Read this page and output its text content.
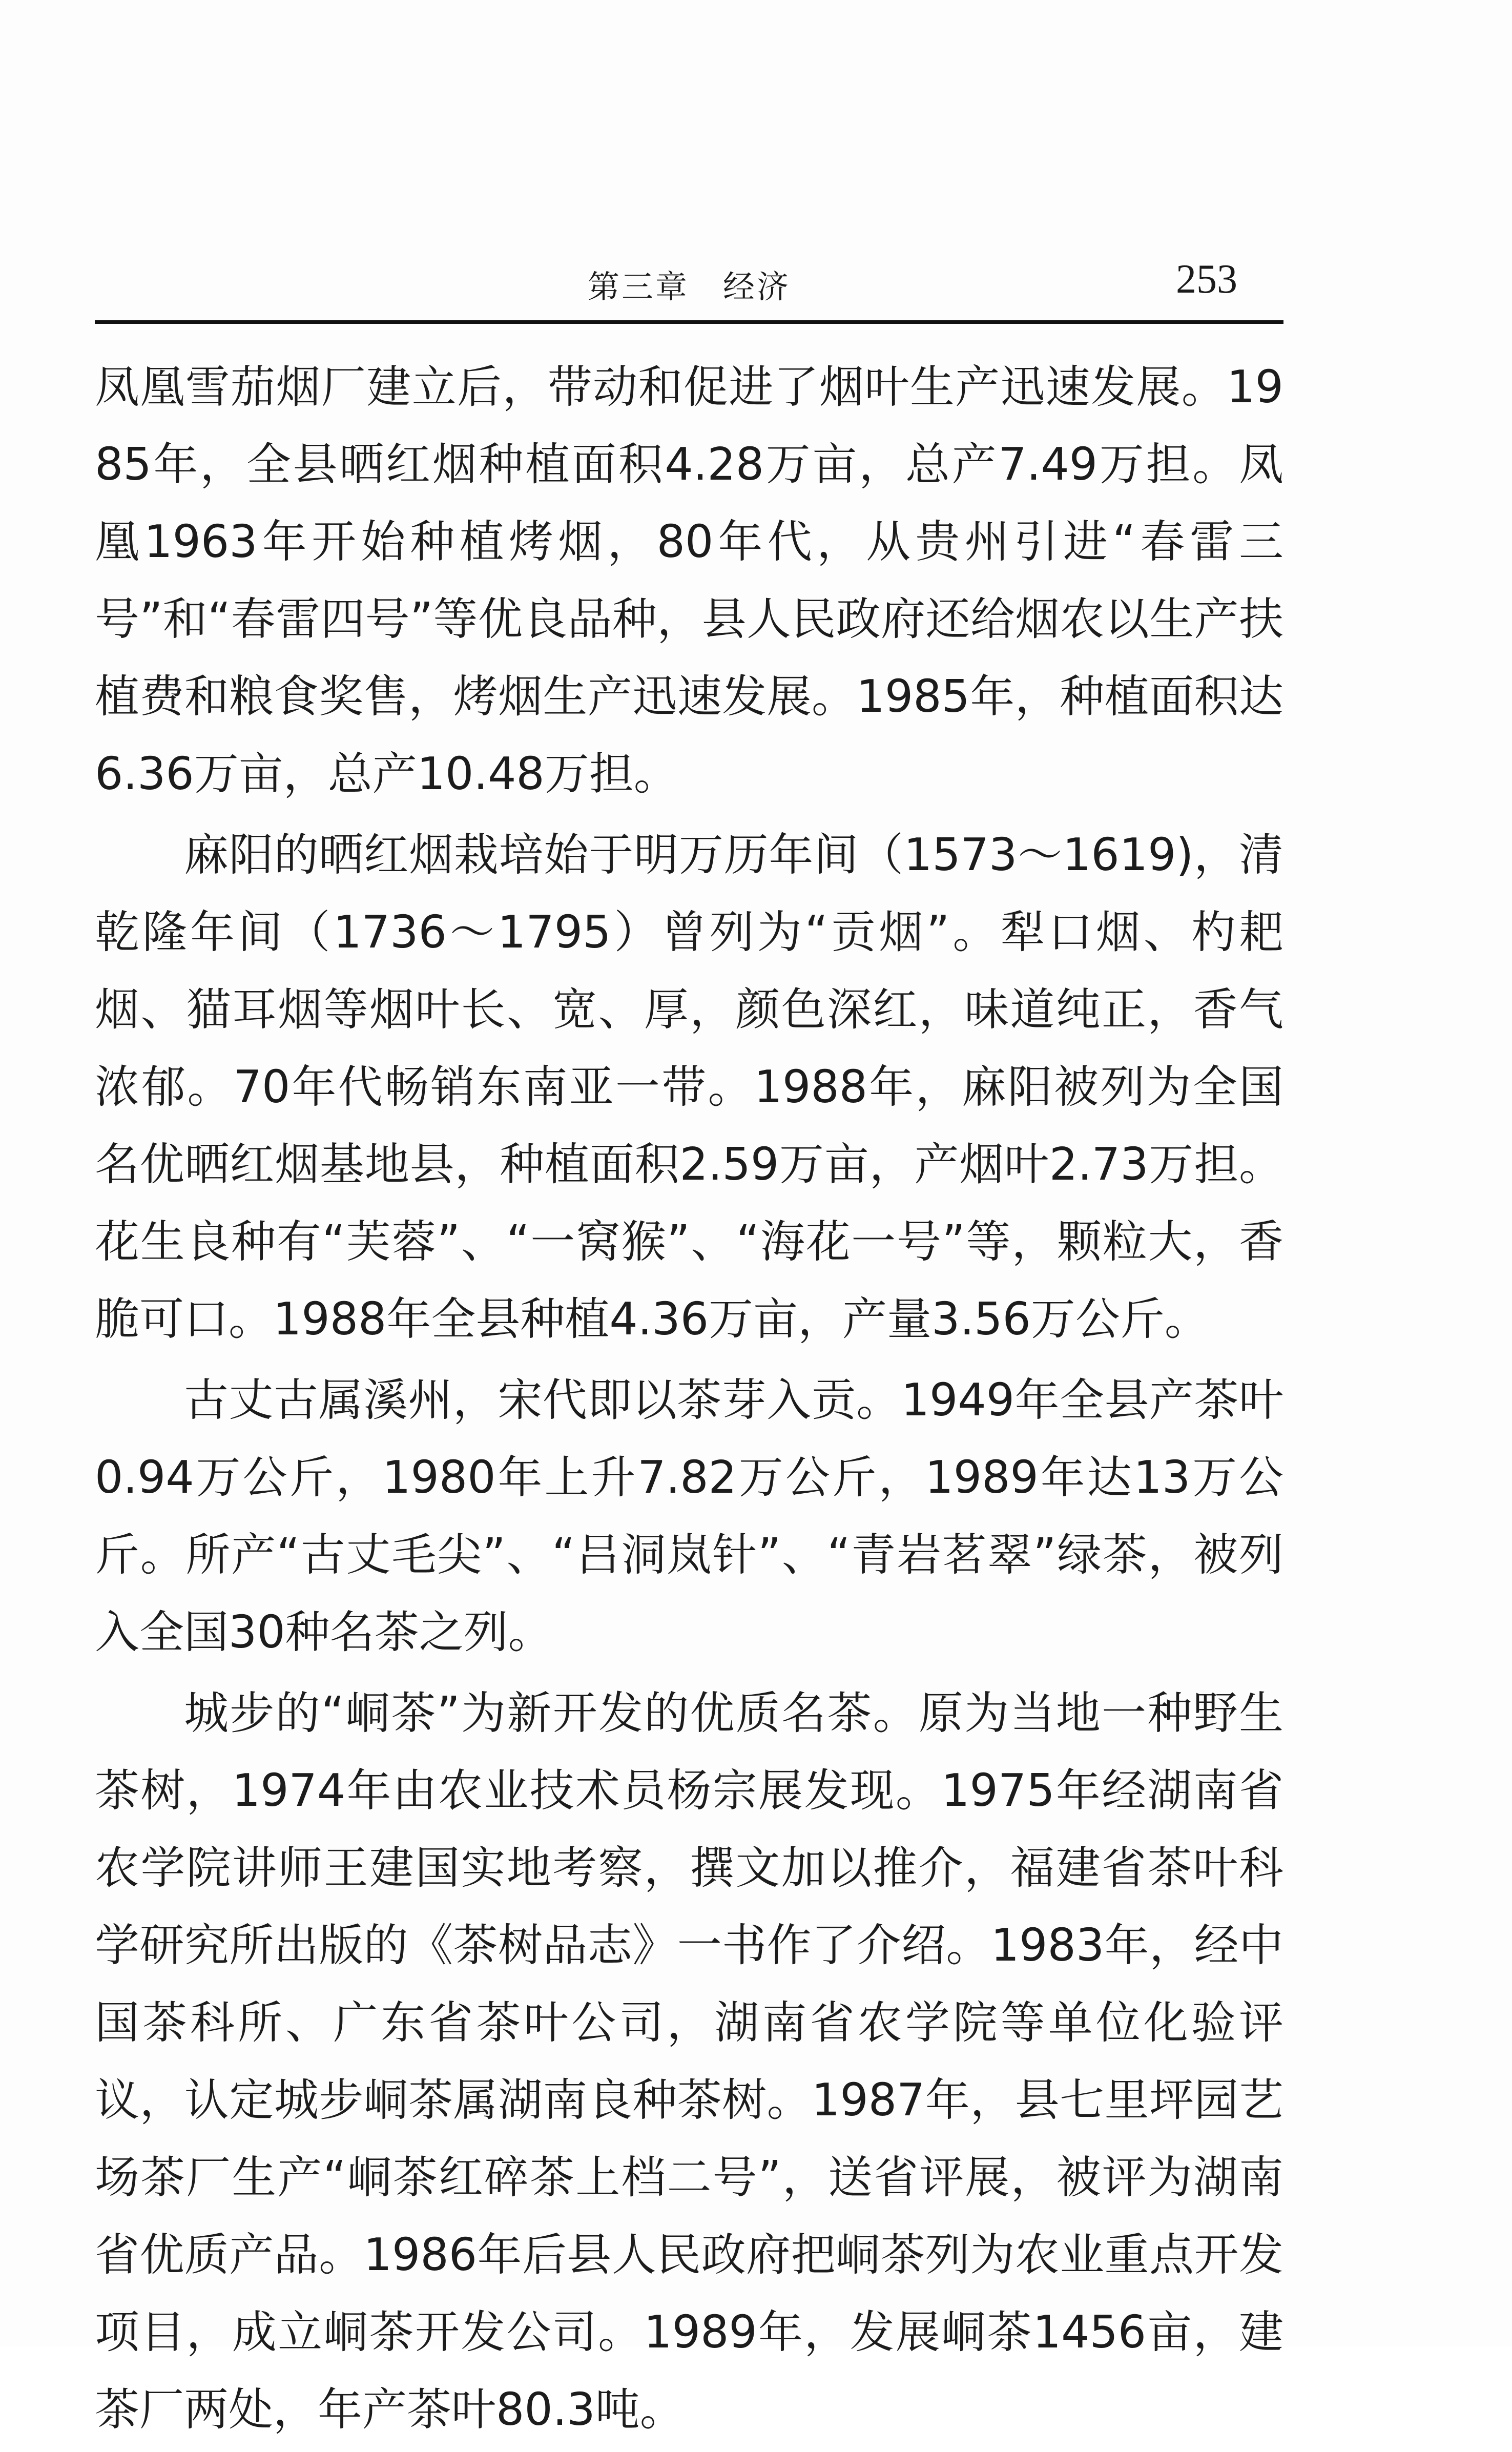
第三章　经济	253

凤凰雪茄烟厂建立后，带动和促进了烟叶生产迅速发展。1985年，全县晒红烟种植面积4.28万亩，总产7.49万担。凤凰1963年开始种植烤烟，80年代，从贵州引进“春雷三号”和“春雷四号”等优良品种，县人民政府还给烟农以生产扶植费和粮食奖售，烤烟生产迅速发展。1985年，种植面积达6.36万亩，总产10.48万担。

麻阳的晒红烟栽培始于明万历年间（1573～1619)，清乾隆年间（1736～1795）曾列为“贡烟”。犁口烟、杓耙烟、猫耳烟等烟叶长、宽、厚，颜色深红，味道纯正，香气浓郁。70年代畅销东南亚一带。1988年，麻阳被列为全国名优晒红烟基地县，种植面积2.59万亩，产烟叶2.73万担。花生良种有“芙蓉”、“一窝猴”、“海花一号”等，颗粒大，香脆可口。1988年全县种植4.36万亩，产量3.56万公斤。

古丈古属溪州，宋代即以茶芽入贡。1949年全县产茶叶0.94万公斤，1980年上升7.82万公斤，1989年达13万公斤。所产“古丈毛尖”、“吕洞岚针”、“青岩茗翠”绿茶，被列入全国30种名茶之列。

城步的“峒茶”为新开发的优质名茶。原为当地一种野生茶树，1974年由农业技术员杨宗展发现。1975年经湖南省农学院讲师王建国实地考察，撰文加以推介，福建省茶叶科学研究所出版的《茶树品志》一书作了介绍。1983年，经中国茶科所、广东省茶叶公司，湖南省农学院等单位化验评议，认定城步峒茶属湖南良种茶树。1987年，县七里坪园艺场茶厂生产“峒茶红碎茶上档二号”，送省评展，被评为湖南省优质产品。1986年后县人民政府把峒茶列为农业重点开发项目，成立峒茶开发公司。1989年，发展峒茶1456亩，建茶厂两处，年产茶叶80.3吨。
